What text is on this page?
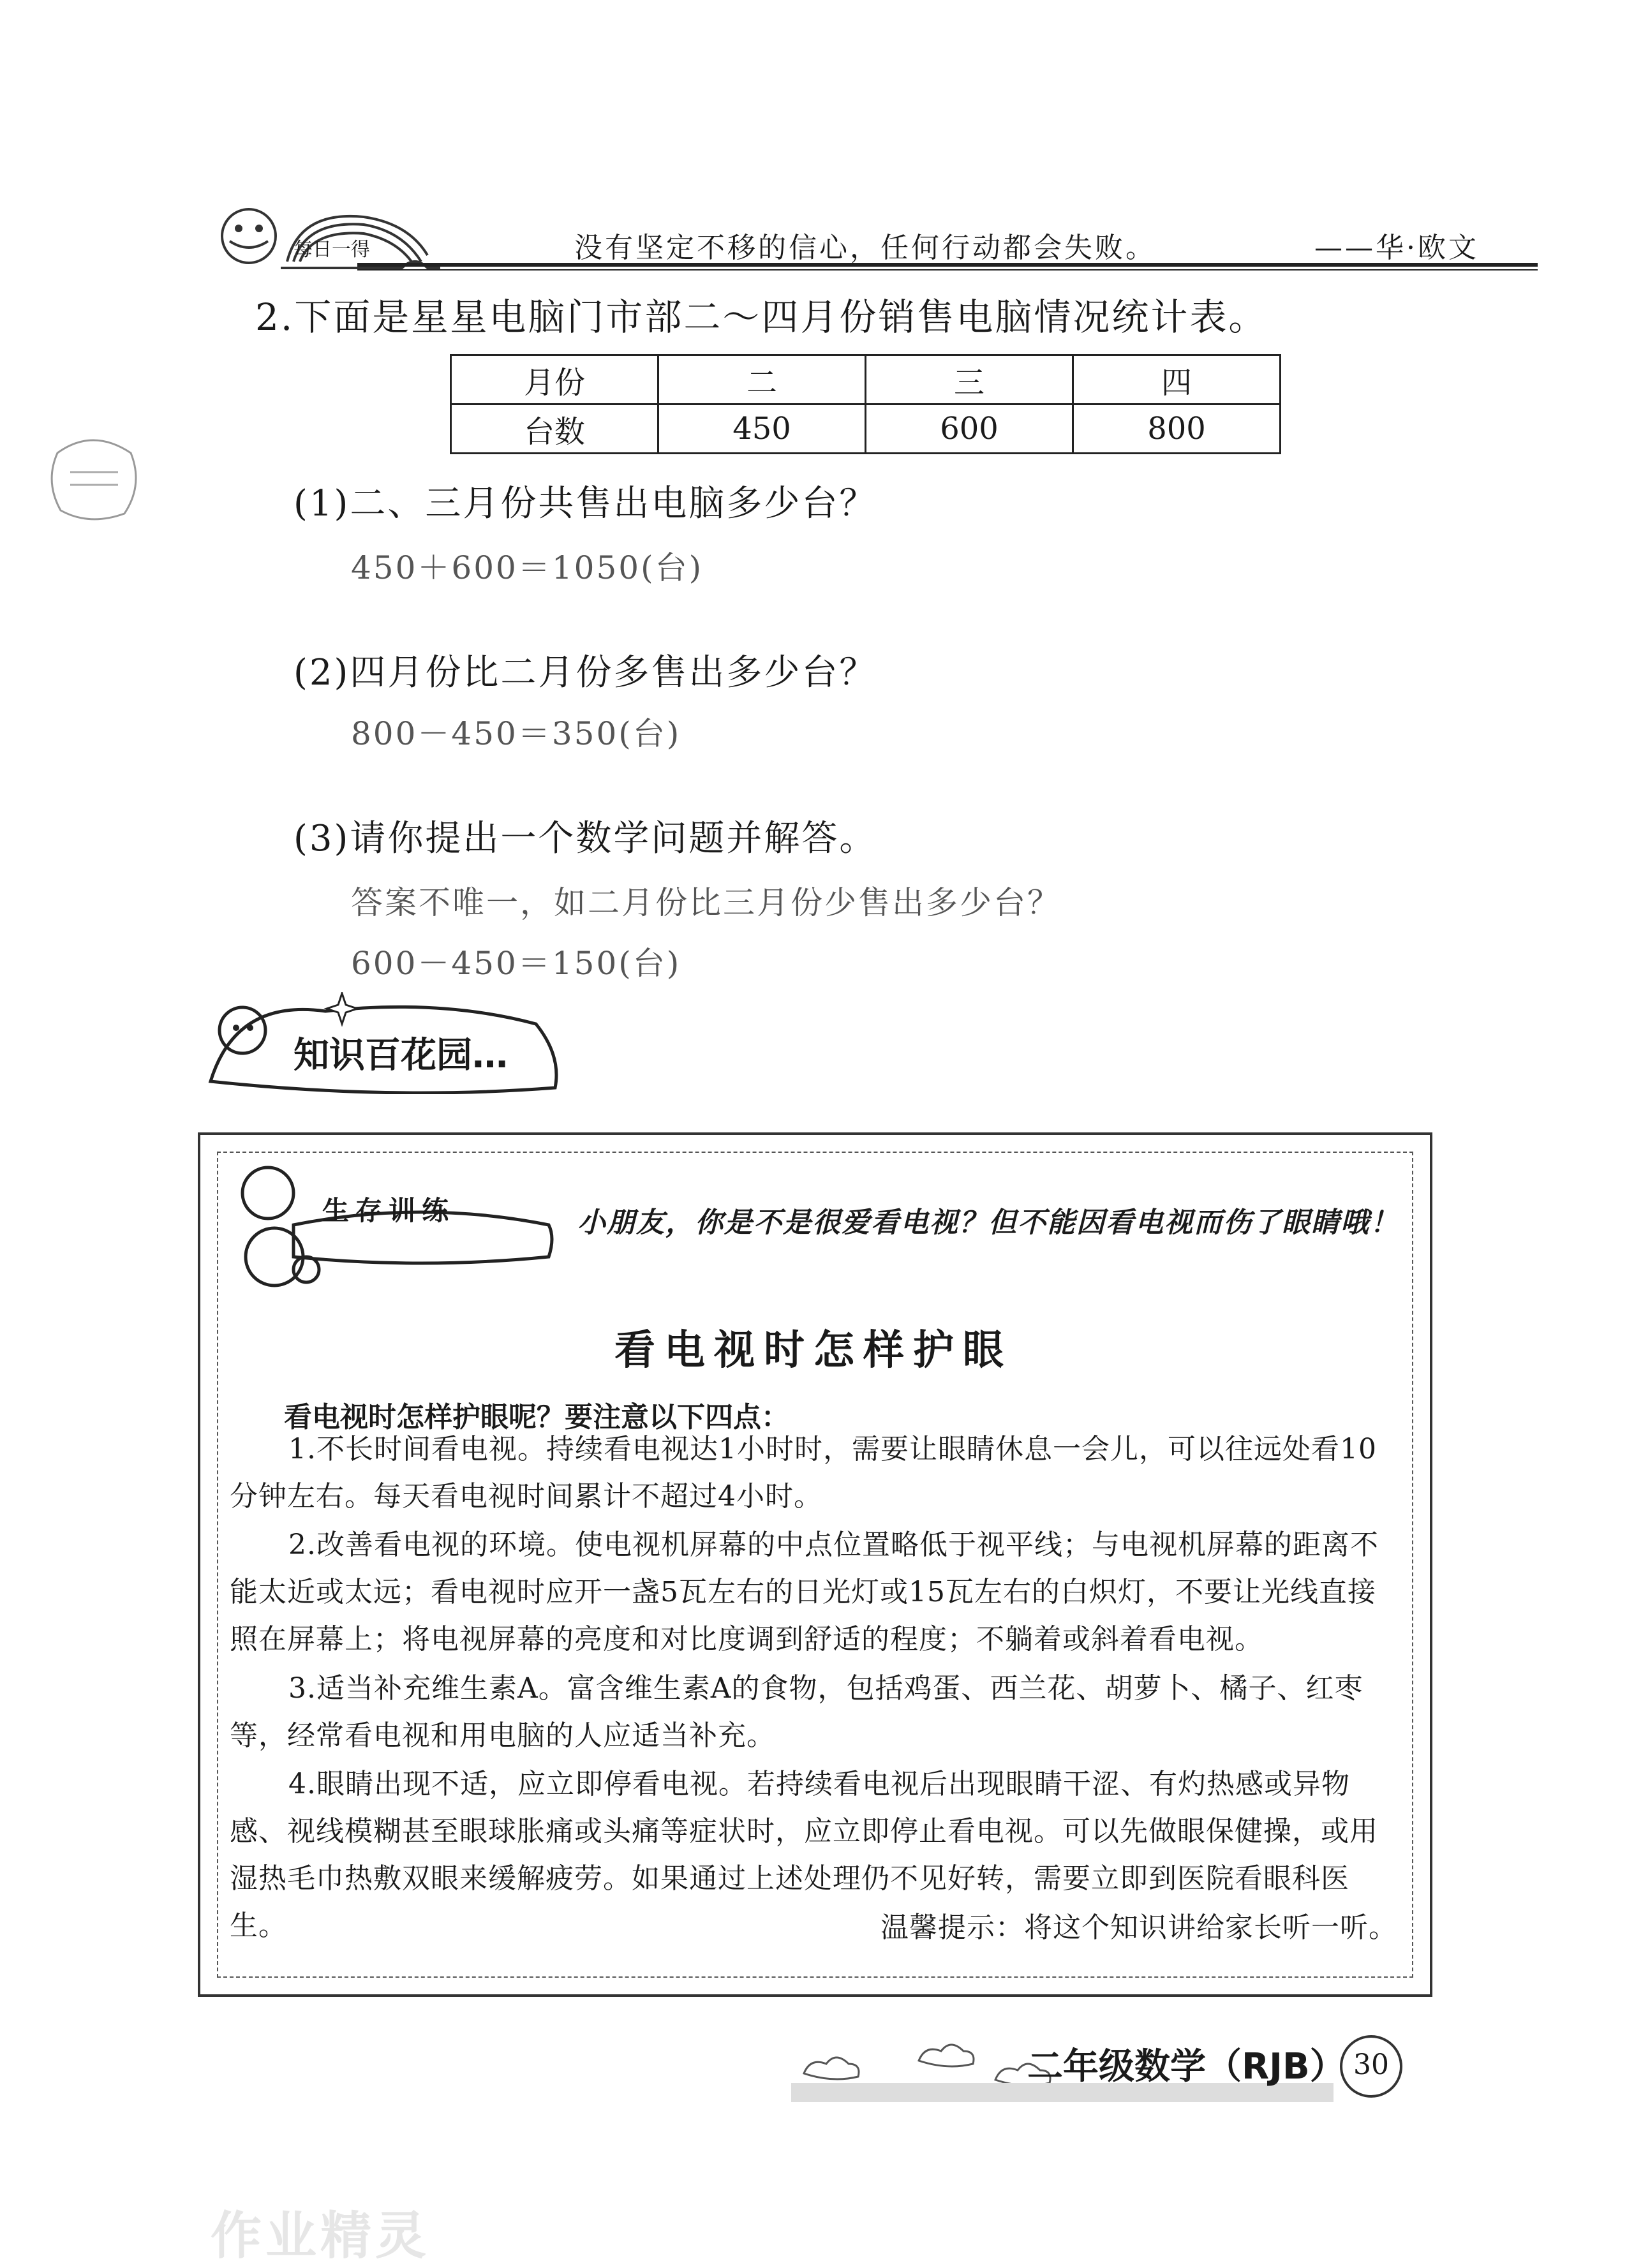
每日一得	没有坚定不移的信心，任何行动都会失败。	——华·欧文
2.下面是星星电脑门市部二～四月份销售电脑情况统计表。
月份	二	三	四
台数	450	600	800
(1)二、三月份共售出电脑多少台？
450＋600＝1050(台)
(2)四月份比二月份多售出多少台？
800－450＝350(台)
(3)请你提出一个数学问题并解答。
答案不唯一，如二月份比三月份少售出多少台？
600－450＝150(台)
知识百花园…
生存训练	小朋友，你是不是很爱看电视？但不能因看电视而伤了眼睛哦！
看电视时怎样护眼
看电视时怎样护眼呢？要注意以下四点：
1.不长时间看电视。持续看电视达1小时时，需要让眼睛休息一会儿，可以往远处看10分钟左右。每天看电视时间累计不超过4小时。
2.改善看电视的环境。使电视机屏幕的中点位置略低于视平线；与电视机屏幕的距离不能太近或太远；看电视时应开一盏5瓦左右的日光灯或15瓦左右的白炽灯，不要让光线直接照在屏幕上；将电视屏幕的亮度和对比度调到舒适的程度；不躺着或斜着看电视。
3.适当补充维生素A。富含维生素A的食物，包括鸡蛋、西兰花、胡萝卜、橘子、红枣等，经常看电视和用电脑的人应适当补充。
4.眼睛出现不适，应立即停看电视。若持续看电视后出现眼睛干涩、有灼热感或异物感、视线模糊甚至眼球胀痛或头痛等症状时，应立即停止看电视。可以先做眼保健操，或用湿热毛巾热敷双眼来缓解疲劳。如果通过上述处理仍不见好转，需要立即到医院看眼科医生。	温馨提示：将这个知识讲给家长听一听。
二年级数学（RJB） 30
作业精灵
